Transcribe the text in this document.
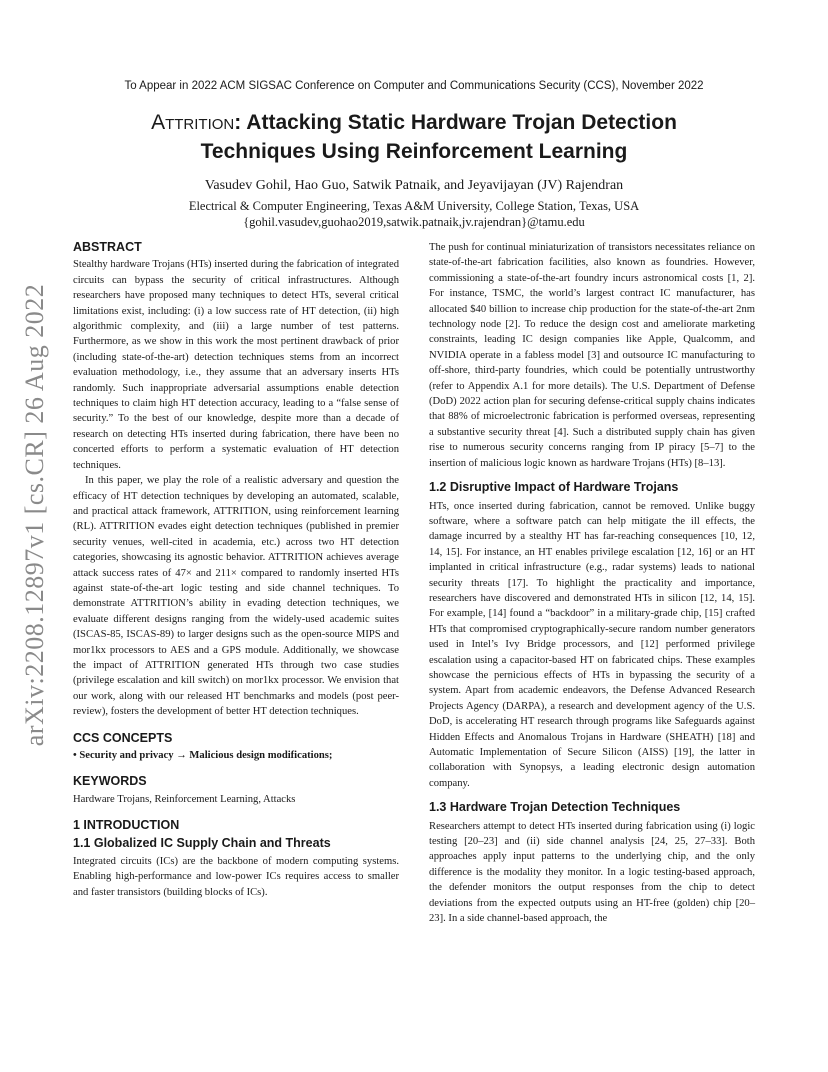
To Appear in 2022 ACM SIGSAC Conference on Computer and Communications Security (CCS), November 2022
Attrition: Attacking Static Hardware Trojan Detection
Techniques Using Reinforcement Learning
Vasudev Gohil, Hao Guo, Satwik Patnaik, and Jeyavijayan (JV) Rajendran
Electrical & Computer Engineering, Texas A&M University, College Station, Texas, USA
{gohil.vasudev,guohao2019,satwik.patnaik,jv.rajendran}@tamu.edu
arXiv:2208.12897v1 [cs.CR] 26 Aug 2022
ABSTRACT

Stealthy hardware Trojans (HTs) inserted during the fabrication of integrated circuits can bypass the security of critical infrastructures. Although researchers have proposed many techniques to detect HTs, several critical limitations exist, including: (i) a low success rate of HT detection, (ii) high algorithmic complexity, and (iii) a large number of test patterns. Furthermore, as we show in this work the most pertinent drawback of prior (including state-of-the-art) detection techniques stems from an incorrect evaluation methodology, i.e., they assume that an adversary inserts HTs randomly. Such inappropriate adversarial assumptions enable detection techniques to claim high HT detection accuracy, leading to a “false sense of security.” To the best of our knowledge, despite more than a decade of research on detecting HTs inserted during fabrication, there have been no concerted efforts to perform a systematic evaluation of HT detection techniques.

In this paper, we play the role of a realistic adversary and question the efficacy of HT detection techniques by developing an automated, scalable, and practical attack framework, ATTRITION, using reinforcement learning (RL). ATTRITION evades eight detection techniques (published in premier security venues, well-cited in academia, etc.) across two HT detection categories, showcasing its agnostic behavior. ATTRITION achieves average attack success rates of 47× and 211× compared to randomly inserted HTs against state-of-the-art logic testing and side channel techniques. To demonstrate ATTRITION’s ability in evading detection techniques, we evaluate different designs ranging from the widely-used academic suites (ISCAS-85, ISCAS-89) to larger designs such as the open-source MIPS and mor1kx processors to AES and a GPS module. Additionally, we showcase the impact of ATTRITION generated HTs through two case studies (privilege escalation and kill switch) on mor1kx processor. We envision that our work, along with our released HT benchmarks and models (post peer-review), fosters the development of better HT detection techniques.

CCS CONCEPTS

• Security and privacy → Malicious design modifications;

KEYWORDS

Hardware Trojans, Reinforcement Learning, Attacks

1 INTRODUCTION
1.1 Globalized IC Supply Chain and Threats

Integrated circuits (ICs) are the backbone of modern computing systems. Enabling high-performance and low-power ICs requires access to smaller and faster transistors (building blocks of ICs).

The push for continual miniaturization of transistors necessitates reliance on state-of-the-art fabrication facilities, also known as foundries. However, commissioning a state-of-the-art foundry incurs astronomical costs [1, 2]. For instance, TSMC, the world’s largest contract IC manufacturer, has allocated $40 billion to increase chip production for the state-of-the-art 2nm technology node [2]. To reduce the design cost and ameliorate marketing constraints, leading IC design companies like Apple, Qualcomm, and NVIDIA operate in a fabless model [3] and outsource IC manufacturing to off-shore, third-party foundries, which could be potentially untrustworthy (refer to Appendix A.1 for more details). The U.S. Department of Defense (DoD) 2022 action plan for securing defense-critical supply chains indicates that 88% of microelectronic fabrication is performed overseas, representing a substantive security threat [4]. Such a distributed supply chain has given rise to numerous security concerns ranging from IP piracy [5–7] to the insertion of malicious logic known as hardware Trojans (HTs) [8–13].

1.2 Disruptive Impact of Hardware Trojans

HTs, once inserted during fabrication, cannot be removed. Unlike buggy software, where a software patch can help mitigate the ill effects, the damage incurred by a stealthy HT has far-reaching consequences [10, 12, 14, 15]. For instance, an HT enables privilege escalation [12, 16] or an HT implanted in critical infrastructure (e.g., radar systems) leads to national security threats [17]. To highlight the practicality and importance, researchers have discovered and demonstrated HTs in silicon [12, 14, 15]. For example, [14] found a “backdoor” in a military-grade chip, [15] crafted HTs that compromised cryptographically-secure random number generators used in Intel’s Ivy Bridge processors, and [12] performed privilege escalation using a capacitor-based HT on fabricated chips. These examples showcase the pernicious effects of HTs in bypassing the security of a system. Apart from academic endeavors, the Defense Advanced Research Projects Agency (DARPA), a research and development agency of the U.S. DoD, is accelerating HT research through programs like Safeguards against Hidden Effects and Anomalous Trojans in Hardware (SHEATH) [18] and Automatic Implementation of Secure Silicon (AISS) [19], the latter in collaboration with Synopsys, a leading electronic design automation company.

1.3 Hardware Trojan Detection Techniques

Researchers attempt to detect HTs inserted during fabrication using (i) logic testing [20–23] and (ii) side channel analysis [24, 25, 27–33]. Both approaches apply input patterns to the underlying chip, and the only difference is the modality they monitor. In a logic testing-based approach, the defender monitors the output responses from the chip to detect deviations from the expected outputs using an HT-free (golden) chip [20–23]. In a side channel-based approach, the
